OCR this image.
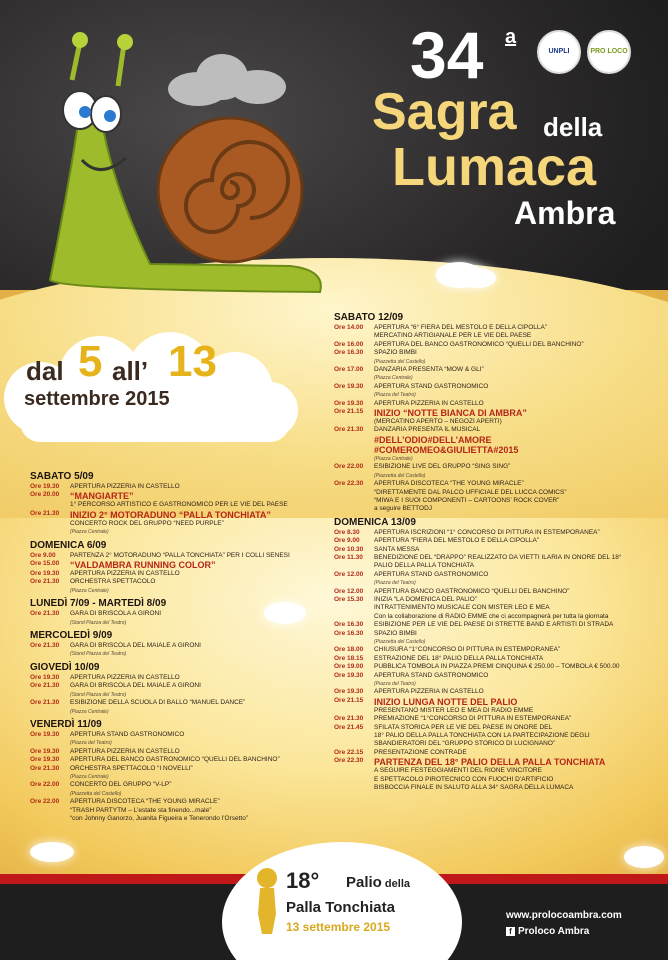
34 a
UNPLI	PRO LOCO
Sagra della
Lumaca
Ambra
dal 5 all’ 13
settembre 2015
SABATO 5/09
Ore 19.30	APERTURA PIZZERIA IN CASTELLO
Ore 20.00	“MANGIARTE”
1° PERCORSO ARTISTICO E GASTRONOMICO PER LE VIE DEL PAESE
Ore 21.30	INIZIO 2° MOTORADUNO “PALLA TONCHIATA”
CONCERTO ROCK DEL GRUPPO “NEED PURPLE”
(Piazza Centrale)
DOMENICA 6/09
Ore 9.00	PARTENZA 2° MOTORADUNO “PALLA TONCHIATA” PER I COLLI SENESI
Ore 15.00	“VALDAMBRA RUNNING COLOR”
Ore 19.30	APERTURA PIZZERIA IN CASTELLO
Ore 21.30	ORCHESTRA SPETTACOLO
(Piazza Centrale)
LUNEDÌ 7/09 - MARTEDÌ 8/09
Ore 21.30	GARA DI BRISCOLA A GIRONI
(Stand Piazza del Teatro)
MERCOLEDÌ 9/09
Ore 21.30	GARA DI BRISCOLA DEL MAIALE A GIRONI
(Stand Piazza del Teatro)
GIOVEDÌ 10/09
Ore 19.30	APERTURA PIZZERIA IN CASTELLO
Ore 21.30	GARA DI BRISCOLA DEL MAIALE A GIRONI
(Stand Piazza del Teatro)
Ore 21.30	ESIBIZIONE DELLA SCUOLA DI BALLO “MANUEL DANCE”
(Piazza Centrale)
VENERDÌ 11/09
Ore 19.30	APERTURA STAND GASTRONOMICO
(Piazza del Teatro)
Ore 19.30	APERTURA PIZZERIA IN CASTELLO
Ore 19.30	APERTURA DEL BANCO GASTRONOMICO “QUELLI DEL BANCHINO”
Ore 21.30	ORCHESTRA SPETTACOLO “I NOVELLI”
(Piazza Centrale)
Ore 22.00	CONCERTO DEL GRUPPO “V-LP”
(Piazzetta del Castello)
Ore 22.00	APERTURA DISCOTECA “THE YOUNG MIRACLE”
“TRASH PARTYTM – L’estate sta finendo...male”
“con Johnny Ganorzo, Juanita Figueira e Tenerondo l’Orsetto”
SABATO 12/09
Ore 14.00	APERTURA “6° FIERA DEL MESTOLO E DELLA CIPOLLA”
MERCATINO ARTIGIANALE PER LE VIE DEL PAESE
Ore 16.00	APERTURA DEL BANCO GASTRONOMICO “QUELLI DEL BANCHINO”
Ore 16.30	SPAZIO BIMBI
(Piazzetta del Castello)
Ore 17.00	DANZARIA PRESENTA “MOW & GLI”
(Piazza Centrale)
Ore 19.30	APERTURA STAND GASTRONOMICO
(Piazza del Teatro)
Ore 19.30	APERTURA PIZZERIA IN CASTELLO
Ore 21.15	INIZIO “NOTTE BIANCA DI AMBRA”
(MERCATINO APERTO – NEGOZI APERTI)
Ore 21.30	DANZARIA PRESENTA IL MUSICAL
#DELL’ODIO#DELL’AMORE
#COMEROMEO&GIULIETTA#2015
(Piazza Centrale)
Ore 22.00	ESIBIZIONE LIVE DEL GRUPPO “SING SING”
(Piazzetta del Castello)
Ore 22.30	APERTURA DISCOTECA “THE YOUNG MIRACLE”
“DIRETTAMENTE DAL PALCO UFFICIALE DEL LUCCA COMICS”
“MIWA E I SUOI COMPONENTI – CARTOONS’ ROCK COVER”
a seguire BETTODJ
DOMENICA 13/09
Ore 8.30	APERTURA ISCRIZIONI “1° CONCORSO DI PITTURA IN ESTEMPORANEA”
Ore 9.00	APERTURA “FIERA DEL MESTOLO E DELLA CIPOLLA”
Ore 10.30	SANTA MESSA
Ore 11.30	BENEDIZIONE DEL “DRAPPO” REALIZZATO DA VIETTI ILARIA IN ONORE DEL 18°
PALIO DELLA PALLA TONCHIATA
Ore 12.00	APERTURA STAND GASTRONOMICO
(Piazza del Teatro)
Ore 12.00	APERTURA BANCO GASTRONOMICO “QUELLI DEL BANCHINO”
Ore 15.30	INIZIA “LA DOMENICA DEL PALIO”
INTRATTENIMENTO MUSICALE CON MISTER LEO E MEA
Con la collaborazione di RADIO EMME che ci accompagnerà per tutta la giornata
Ore 16.30	ESIBIZIONE PER LE VIE DEL PAESE DI STRETTE BAND E ARTISTI DI STRADA
Ore 16.30	SPAZIO BIMBI
(Piazzetta del Castello)
Ore 18.00	CHIUSURA “1°CONCORSO DI PITTURA IN ESTEMPORANEA”
Ore 18.15	ESTRAZIONE DEL 18° PALIO DELLA PALLA TONCHIATA
Ore 19.00	PUBBLICA TOMBOLA IN PIAZZA PREMI CINQUINA € 250.00 – TOMBOLA € 500.00
Ore 19.30	APERTURA STAND GASTRONOMICO
(Piazza del Teatro)
Ore 19.30	APERTURA PIZZERIA IN CASTELLO
Ore 21.15	INIZIO LUNGA NOTTE DEL PALIO
PRESENTANO MISTER LEO E MEA DI RADIO EMME
Ore 21.30	PREMIAZIONE “1°CONCORSO DI PITTURA IN ESTEMPORANEA”
Ore 21.45	SFILATA STORICA PER LE VIE DEL PAESE IN ONORE DEL
18° PALIO DELLA PALLA TONCHIATA CON LA PARTECIPAZIONE DEGLI
SBANDIERATORI DEL “GRUPPO STORICO DI LUCIGNANO”
Ore 22.15	PRESENTAZIONE CONTRADE
Ore 22.30	PARTENZA DEL 18° PALIO DELLA PALLA TONCHIATA
A SEGUIRE FESTEGGIAMENTI DEL RIONE VINCITORE
E SPETTACOLO PIROTECNICO CON FUOCHI D’ARTIFICIO
BISBOCCIA FINALE IN SALUTO ALLA 34° SAGRA DELLA LUMACA
18° Palio della
Palla Tonchiata
13 settembre 2015
www.prolocoambra.com
f Proloco Ambra
